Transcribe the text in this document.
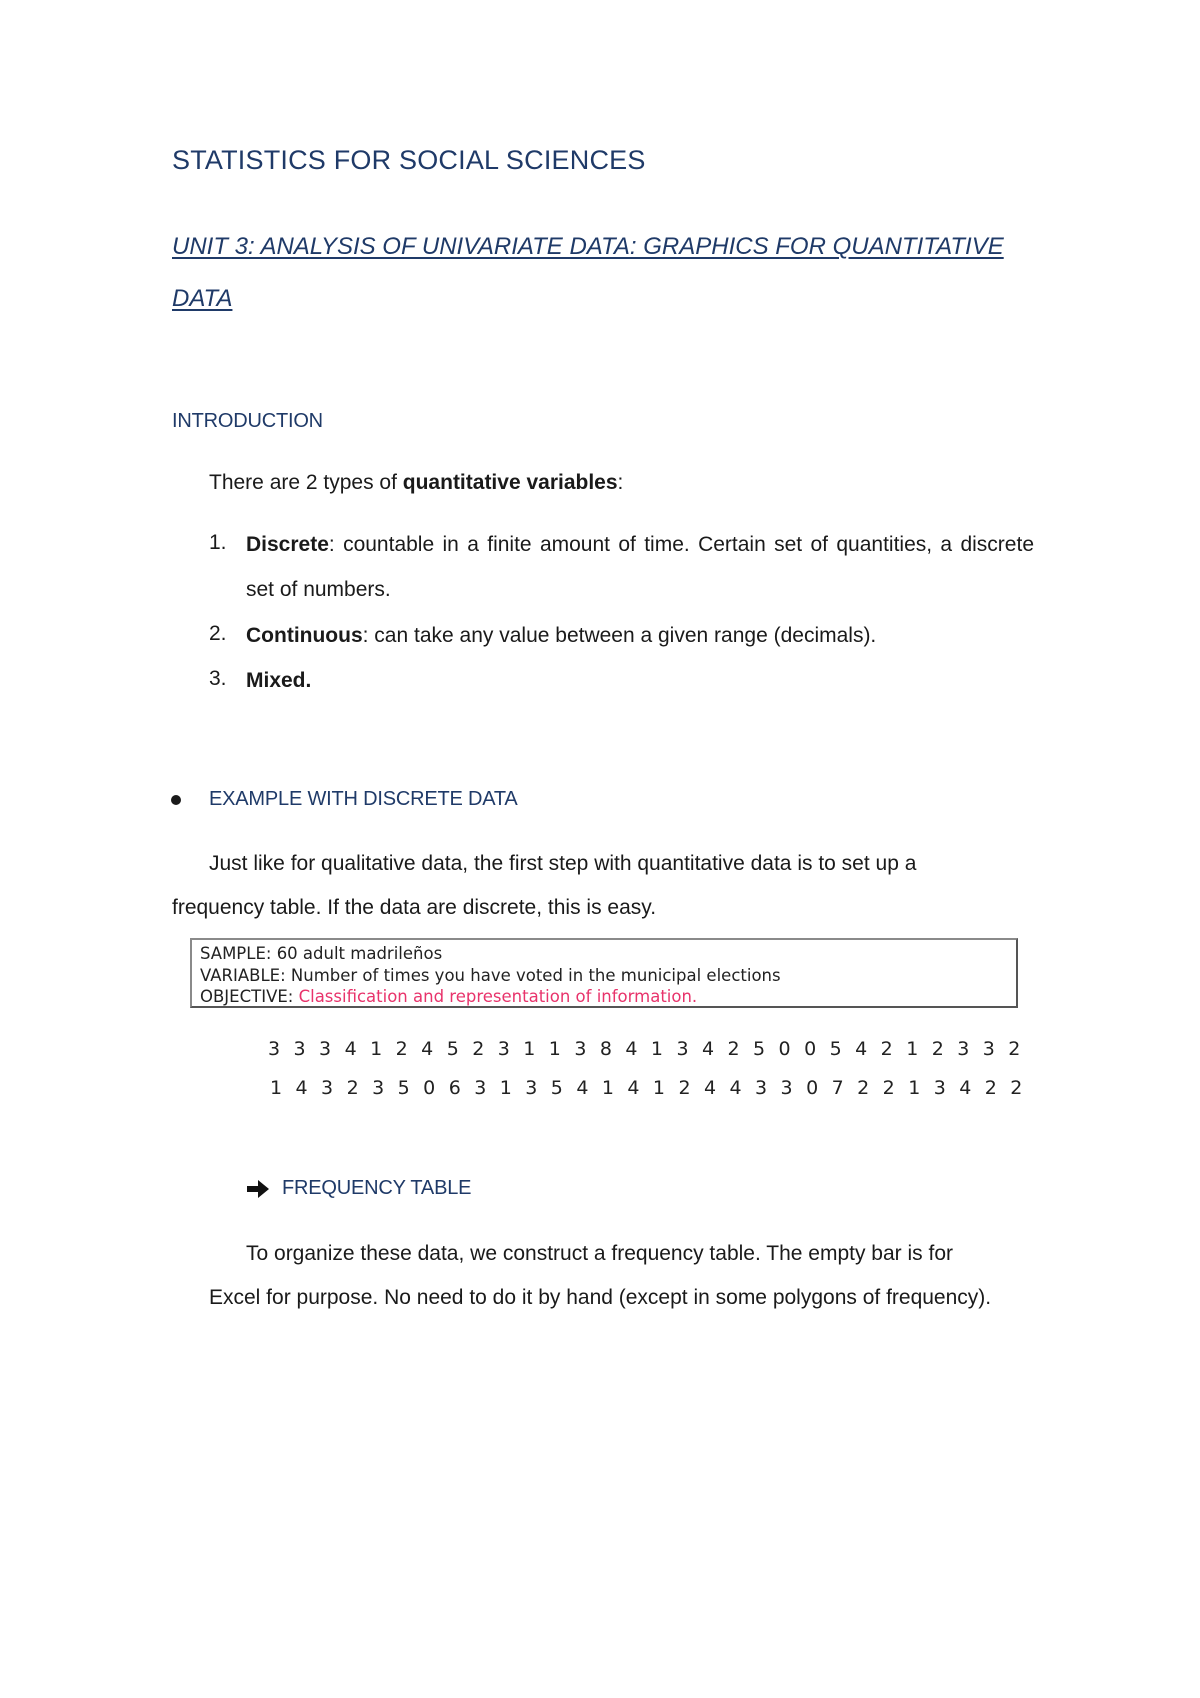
STATISTICS FOR SOCIAL SCIENCES
UNIT 3: ANALYSIS OF UNIVARIATE DATA: GRAPHICS FOR QUANTITATIVE DATA
INTRODUCTION

There are 2 types of quantitative variables:

1. Discrete: countable in a finite amount of time. Certain set of quantities, a discrete set of numbers.

2. Continuous: can take any value between a given range (decimals).

3. Mixed.

EXAMPLE WITH DISCRETE DATA

Just like for qualitative data, the first step with quantitative data is to set up a frequency table. If the data are discrete, this is easy.

SAMPLE: 60 adult madrileños
VARIABLE: Number of times you have voted in the municipal elections
OBJECTIVE: Classification and representation of information.
3 3 3 4 1 2 4 5 2 3 1 1 3 8 4 1 3 4 2 5 0 0 5 4 2 1 2 3 3 2
1 4 3 2 3 5 0 6 3 1 3 5 4 1 4 1 2 4 4 3 3 0 7 2 2 1 3 4 2 2
FREQUENCY TABLE

To organize these data, we construct a frequency table. The empty bar is for Excel for purpose. No need to do it by hand (except in some polygons of frequency).
